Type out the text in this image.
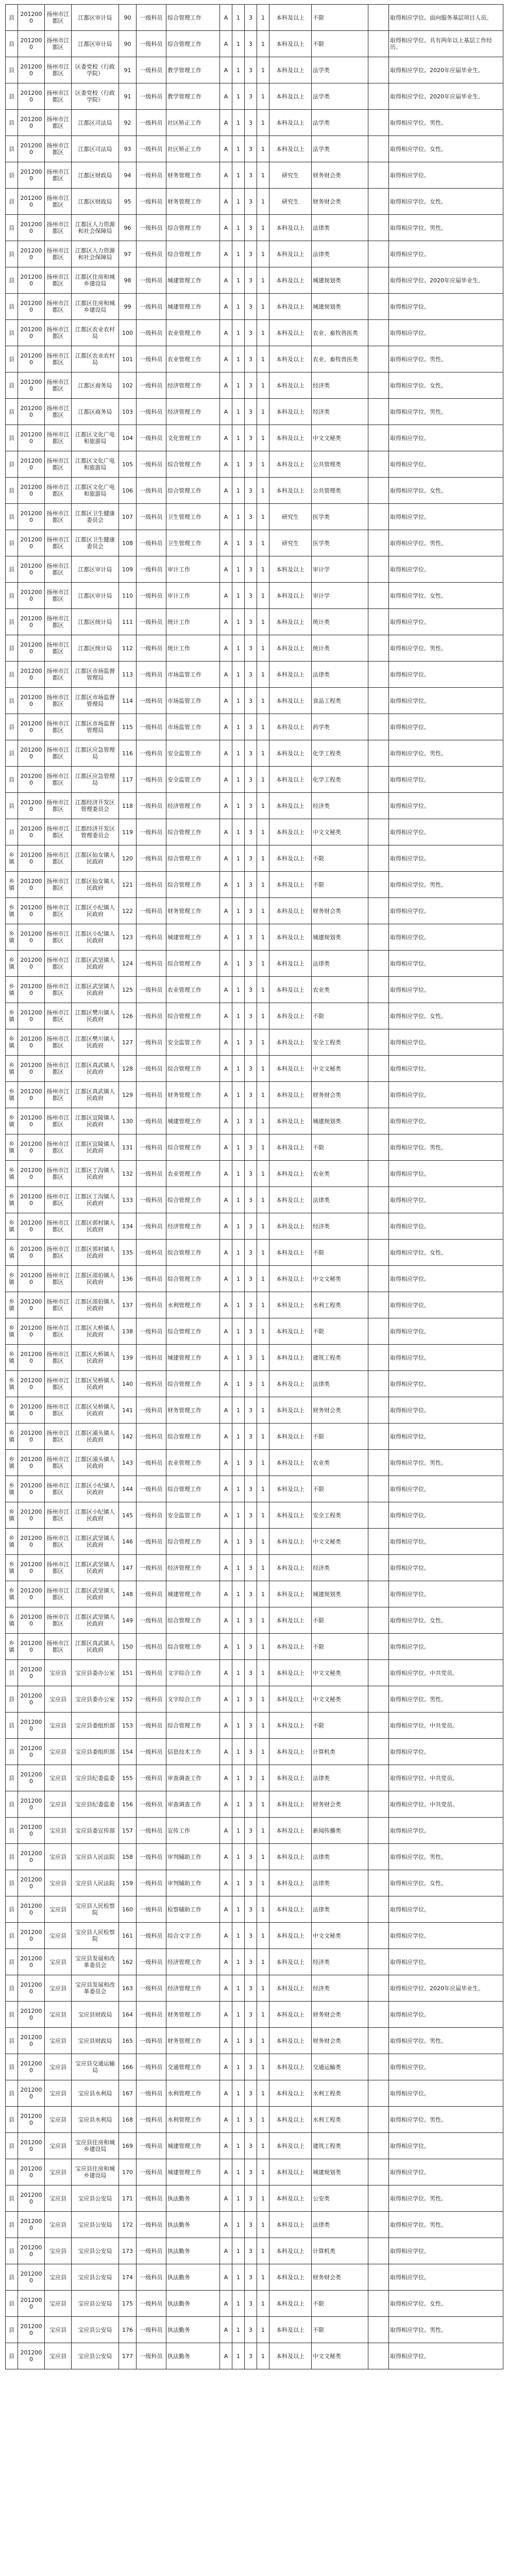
县	2012000	扬州市江都区	江都区审计局	90	一级科员	综合管理工作	A	1	3	1	本科及以上	不限		取得相应学位。面向服务基层项目人员。
县	2012000	扬州市江都区	江都区审计局	90	一级科员	综合管理工作	A	1	3	1	本科及以上	不限		取得相应学位。具有两年以上基层工作经历。
县	2012000	扬州市江都区	区委党校（行政学院）	91	一级科员	教学管理工作	A	1	3	1	本科及以上	法学类		取得相应学位。2020年应届毕业生。
县	2012000	扬州市江都区	区委党校（行政学院）	91	一级科员	教学管理工作	A	1	3	1	本科及以上	法学类		取得相应学位。2020年应届毕业生。
县	2012000	扬州市江都区	江都区司法局	92	一级科员	社区矫正工作	A	1	3	1	本科及以上	法学类		取得相应学位。男性。
县	2012000	扬州市江都区	江都区司法局	93	一级科员	社区矫正工作	A	1	3	1	本科及以上	法学类		取得相应学位。女性。
县	2012000	扬州市江都区	江都区财政局	94	一级科员	财务管理工作	A	1	3	1	研究生	财务财会类		取得相应学位。
县	2012000	扬州市江都区	江都区财政局	95	一级科员	财务管理工作	A	1	3	1	研究生	财务财会类		取得相应学位。女性。
县	2012000	扬州市江都区	江都区人力资源和社会保障局	96	一级科员	综合管理工作	A	1	3	1	本科及以上	法律类		取得相应学位。男性。
县	2012000	扬州市江都区	江都区人力资源和社会保障局	97	一级科员	综合管理工作	A	1	3	1	本科及以上	法律类		取得相应学位。
县	2012000	扬州市江都区	江都区住房和城乡建设局	98	一级科员	城建管理工作	A	1	3	1	本科及以上	城建规划类		取得相应学位。2020年应届毕业生。
县	2012000	扬州市江都区	江都区住房和城乡建设局	99	一级科员	城建管理工作	A	1	3	1	本科及以上	城建规划类		取得相应学位。
县	2012000	扬州市江都区	江都区农业农村局	100	一级科员	农业管理工作	A	1	3	1	本科及以上	农业、畜牧兽医类		取得相应学位。
县	2012000	扬州市江都区	江都区农业农村局	101	一级科员	农业管理工作	A	1	3	1	本科及以上	农业、畜牧兽医类		取得相应学位。男性。
县	2012000	扬州市江都区	江都区商务局	102	一级科员	经济管理工作	A	1	3	1	本科及以上	经济类		取得相应学位。女性。
县	2012000	扬州市江都区	江都区商务局	103	一级科员	经济管理工作	A	1	3	1	本科及以上	经济类		取得相应学位。男性。
县	2012000	扬州市江都区	江都区文化广电和旅游局	104	一级科员	文化管理工作	A	1	3	1	本科及以上	中文文秘类		取得相应学位。
县	2012000	扬州市江都区	江都区文化广电和旅游局	105	一级科员	综合管理工作	A	1	3	1	本科及以上	公共管理类		取得相应学位。
县	2012000	扬州市江都区	江都区文化广电和旅游局	106	一级科员	综合管理工作	A	1	3	1	本科及以上	公共管理类		取得相应学位。女性。
县	2012000	扬州市江都区	江都区卫生健康委员会	107	一级科员	卫生管理工作	A	1	3	1	研究生	医学类		取得相应学位。
县	2012000	扬州市江都区	江都区卫生健康委员会	108	一级科员	卫生管理工作	A	1	3	1	研究生	医学类		取得相应学位。男性。
县	2012000	扬州市江都区	江都区审计局	109	一级科员	审计工作	A	1	3	1	本科及以上	审计学		取得相应学位。
县	2012000	扬州市江都区	江都区审计局	110	一级科员	审计工作	A	1	3	1	本科及以上	审计学		取得相应学位。女性。
县	2012000	扬州市江都区	江都区统计局	111	一级科员	统计工作	A	1	3	1	本科及以上	统计类		取得相应学位。
县	2012000	扬州市江都区	江都区统计局	112	一级科员	统计工作	A	1	3	1	本科及以上	统计类		取得相应学位。男性。
县	2012000	扬州市江都区	江都区市场监督管理局	113	一级科员	市场监管工作	A	1	3	1	本科及以上	法律类		取得相应学位。
县	2012000	扬州市江都区	江都区市场监督管理局	114	一级科员	市场监管工作	A	1	3	1	本科及以上	食品工程类		取得相应学位。
县	2012000	扬州市江都区	江都区市场监督管理局	115	一级科员	市场监管工作	A	1	3	1	本科及以上	药学类		取得相应学位。
县	2012000	扬州市江都区	江都区应急管理局	116	一级科员	安全监管工作	A	1	3	1	本科及以上	化学工程类		取得相应学位。男性。
县	2012000	扬州市江都区	江都区应急管理局	117	一级科员	安全监管工作	A	1	3	1	本科及以上	化学工程类		取得相应学位。
县	2012000	扬州市江都区	江都经济开发区管理委员会	118	一级科员	经济管理工作	A	1	3	1	本科及以上	经济类		取得相应学位。
县	2012000	扬州市江都区	江都经济开发区管理委员会	119	一级科员	综合管理工作	A	1	3	1	本科及以上	中文文秘类		取得相应学位。
乡镇	2012000	扬州市江都区	江都区仙女镇人民政府	120	一级科员	综合管理工作	A	1	3	1	本科及以上	不限		取得相应学位。
乡镇	2012000	扬州市江都区	江都区仙女镇人民政府	121	一级科员	综合管理工作	A	1	3	1	本科及以上	不限		取得相应学位。男性。
乡镇	2012000	扬州市江都区	江都区小纪镇人民政府	122	一级科员	财务管理工作	A	1	3	1	本科及以上	财务财会类		取得相应学位。
乡镇	2012000	扬州市江都区	江都区小纪镇人民政府	123	一级科员	城建管理工作	A	1	3	1	本科及以上	城建规划类		取得相应学位。
乡镇	2012000	扬州市江都区	江都区武坚镇人民政府	124	一级科员	综合管理工作	A	1	3	1	本科及以上	法律类		取得相应学位。
乡镇	2012000	扬州市江都区	江都区武坚镇人民政府	125	一级科员	农业管理工作	A	1	3	1	本科及以上	农业类		取得相应学位。
乡镇	2012000	扬州市江都区	江都区樊川镇人民政府	126	一级科员	综合管理工作	A	1	3	1	本科及以上	不限		取得相应学位。女性。
乡镇	2012000	扬州市江都区	江都区樊川镇人民政府	127	一级科员	安全监管工作	A	1	3	1	本科及以上	安全工程类		取得相应学位。
乡镇	2012000	扬州市江都区	江都区真武镇人民政府	128	一级科员	综合管理工作	A	1	3	1	本科及以上	中文文秘类		取得相应学位。
乡镇	2012000	扬州市江都区	江都区真武镇人民政府	129	一级科员	财务管理工作	A	1	3	1	本科及以上	财务财会类		取得相应学位。
乡镇	2012000	扬州市江都区	江都区宜陵镇人民政府	130	一级科员	城建管理工作	A	1	3	1	本科及以上	城建规划类		取得相应学位。
乡镇	2012000	扬州市江都区	江都区宜陵镇人民政府	131	一级科员	综合管理工作	A	1	3	1	本科及以上	不限		取得相应学位。男性。
乡镇	2012000	扬州市江都区	江都区丁沟镇人民政府	132	一级科员	农业管理工作	A	1	3	1	本科及以上	农业类		取得相应学位。
乡镇	2012000	扬州市江都区	江都区丁沟镇人民政府	133	一级科员	综合管理工作	A	1	3	1	本科及以上	法律类		取得相应学位。
乡镇	2012000	扬州市江都区	江都区郭村镇人民政府	134	一级科员	经济管理工作	A	1	3	1	本科及以上	经济类		取得相应学位。
乡镇	2012000	扬州市江都区	江都区郭村镇人民政府	135	一级科员	综合管理工作	A	1	3	1	本科及以上	不限		取得相应学位。女性。
乡镇	2012000	扬州市江都区	江都区邵伯镇人民政府	136	一级科员	综合管理工作	A	1	3	1	本科及以上	中文文秘类		取得相应学位。
乡镇	2012000	扬州市江都区	江都区邵伯镇人民政府	137	一级科员	水利管理工作	A	1	3	1	本科及以上	水利工程类		取得相应学位。
乡镇	2012000	扬州市江都区	江都区大桥镇人民政府	138	一级科员	综合管理工作	A	1	3	1	本科及以上	不限		取得相应学位。
乡镇	2012000	扬州市江都区	江都区大桥镇人民政府	139	一级科员	城建管理工作	A	1	3	1	本科及以上	建筑工程类		取得相应学位。
乡镇	2012000	扬州市江都区	江都区吴桥镇人民政府	140	一级科员	综合管理工作	A	1	3	1	本科及以上	法律类		取得相应学位。
乡镇	2012000	扬州市江都区	江都区吴桥镇人民政府	141	一级科员	财务管理工作	A	1	3	1	本科及以上	财务财会类		取得相应学位。
乡镇	2012000	扬州市江都区	江都区浦头镇人民政府	142	一级科员	综合管理工作	A	1	3	1	本科及以上	不限		取得相应学位。
乡镇	2012000	扬州市江都区	江都区浦头镇人民政府	143	一级科员	农业管理工作	A	1	3	1	本科及以上	农业类		取得相应学位。男性。
乡镇	2012000	扬州市江都区	江都区小纪镇人民政府	144	一级科员	综合管理工作	A	1	3	1	本科及以上	不限		取得相应学位。
乡镇	2012000	扬州市江都区	江都区小纪镇人民政府	145	一级科员	安全监管工作	A	1	3	1	本科及以上	安全工程类		取得相应学位。
乡镇	2012000	扬州市江都区	江都区武坚镇人民政府	146	一级科员	综合管理工作	A	1	3	1	本科及以上	中文文秘类		取得相应学位。
乡镇	2012000	扬州市江都区	江都区武坚镇人民政府	147	一级科员	经济管理工作	A	1	3	1	本科及以上	经济类		取得相应学位。
乡镇	2012000	扬州市江都区	江都区武坚镇人民政府	148	一级科员	城建管理工作	A	1	3	1	本科及以上	城建规划类		取得相应学位。
乡镇	2012000	扬州市江都区	江都区武坚镇人民政府	149	一级科员	综合管理工作	A	1	3	1	本科及以上	不限		取得相应学位。女性。
乡镇	2012000	扬州市江都区	江都区真武镇人民政府	150	一级科员	综合管理工作	A	1	3	1	本科及以上	不限		取得相应学位。
县	2012000	宝应县	宝应县委办公室	151	一级科员	文字综合工作	A	1	3	1	本科及以上	中文文秘类		取得相应学位。中共党员。
县	2012000	宝应县	宝应县委办公室	152	一级科员	文字综合工作	A	1	3	1	本科及以上	中文文秘类		取得相应学位。男性。
县	2012000	宝应县	宝应县委组织部	153	一级科员	综合管理工作	A	1	3	1	本科及以上	不限		取得相应学位。中共党员。
县	2012000	宝应县	宝应县委组织部	154	一级科员	信息技术工作	A	1	3	1	本科及以上	计算机类		取得相应学位。
县	2012000	宝应县	宝应县纪委监委	155	一级科员	审查调查工作	A	1	3	1	本科及以上	法律类		取得相应学位。中共党员。
县	2012000	宝应县	宝应县纪委监委	156	一级科员	审查调查工作	A	1	3	1	本科及以上	财务财会类		取得相应学位。中共党员。
县	2012000	宝应县	宝应县委宣传部	157	一级科员	宣传工作	A	1	3	1	本科及以上	新闻传播类		取得相应学位。
县	2012000	宝应县	宝应县人民法院	158	一级科员	审判辅助工作	A	1	3	1	本科及以上	法律类		取得相应学位。男性。
县	2012000	宝应县	宝应县人民法院	159	一级科员	审判辅助工作	A	1	3	1	本科及以上	法律类		取得相应学位。女性。
县	2012000	宝应县	宝应县人民检察院	160	一级科员	检察辅助工作	A	1	3	1	本科及以上	法律类		取得相应学位。
县	2012000	宝应县	宝应县人民检察院	161	一级科员	综合文字工作	A	1	3	1	本科及以上	中文文秘类		取得相应学位。
县	2012000	宝应县	宝应县发展和改革委员会	162	一级科员	经济管理工作	A	1	3	1	本科及以上	经济类		取得相应学位。
县	2012000	宝应县	宝应县发展和改革委员会	163	一级科员	经济管理工作	A	1	3	1	本科及以上	经济类		取得相应学位。2020年应届毕业生。
县	2012000	宝应县	宝应县财政局	164	一级科员	财务管理工作	A	1	3	1	本科及以上	财务财会类		取得相应学位。
县	2012000	宝应县	宝应县财政局	165	一级科员	财务管理工作	A	1	3	1	本科及以上	财务财会类		取得相应学位。男性。
县	2012000	宝应县	宝应县交通运输局	166	一级科员	交通管理工作	A	1	3	1	本科及以上	交通运输类		取得相应学位。
县	2012000	宝应县	宝应县水利局	167	一级科员	水利管理工作	A	1	3	1	本科及以上	水利工程类		取得相应学位。
县	2012000	宝应县	宝应县水利局	168	一级科员	水利管理工作	A	1	3	1	本科及以上	水利工程类		取得相应学位。男性。
县	2012000	宝应县	宝应县住房和城乡建设局	169	一级科员	城建管理工作	A	1	3	1	本科及以上	建筑工程类		取得相应学位。
县	2012000	宝应县	宝应县住房和城乡建设局	170	一级科员	城建管理工作	A	1	3	1	本科及以上	城建规划类		取得相应学位。
县	2012000	宝应县	宝应县公安局	171	一级科员	执法勤务	A	1	3	1	本科及以上	公安类		取得相应学位。男性。
县	2012000	宝应县	宝应县公安局	172	一级科员	执法勤务	A	1	3	1	本科及以上	法律类		取得相应学位。男性。
县	2012000	宝应县	宝应县公安局	173	一级科员	执法勤务	A	1	3	1	本科及以上	计算机类		取得相应学位。
县	2012000	宝应县	宝应县公安局	174	一级科员	执法勤务	A	1	3	1	本科及以上	财务财会类		取得相应学位。
县	2012000	宝应县	宝应县公安局	175	一级科员	执法勤务	A	1	3	1	本科及以上	不限		取得相应学位。女性。
县	2012000	宝应县	宝应县公安局	176	一级科员	执法勤务	A	1	3	1	本科及以上	不限		取得相应学位。男性。
县	2012000	宝应县	宝应县公安局	177	一级科员	执法勤务	A	1	3	1	本科及以上	中文文秘类		取得相应学位。
